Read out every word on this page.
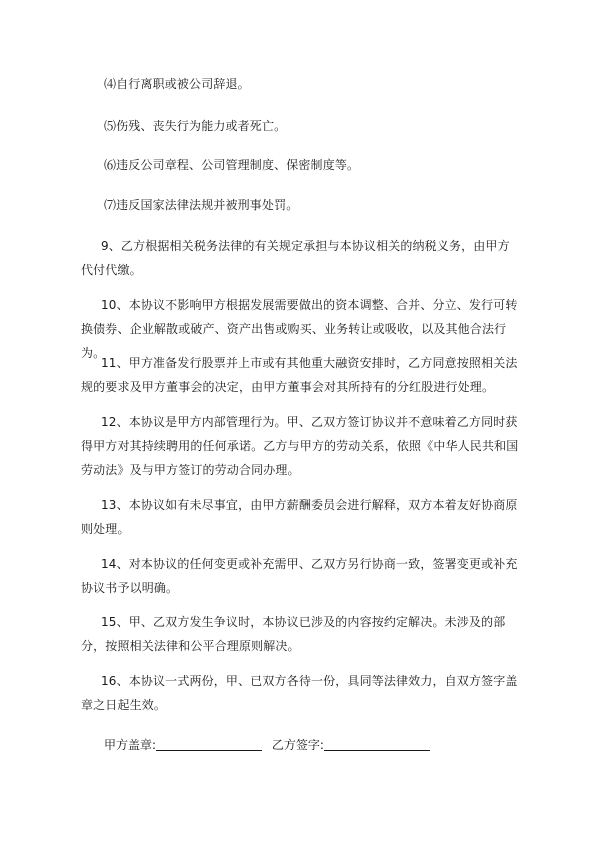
⑷自行离职或被公司辞退。

⑸伤残、丧失行为能力或者死亡。

⑹违反公司章程、公司管理制度、保密制度等。

⑺违反国家法律法规并被刑事处罚。

9、乙方根据相关税务法律的有关规定承担与本协议相关的纳税义务，由甲方代付代缴。

10、本协议不影响甲方根据发展需要做出的资本调整、合并、分立、发行可转换债券、企业解散或破产、资产出售或购买、业务转让或吸收，以及其他合法行为。

11、甲方准备发行股票并上市或有其他重大融资安排时，乙方同意按照相关法规的要求及甲方董事会的决定，由甲方董事会对其所持有的分红股进行处理。

12、本协议是甲方内部管理行为。甲、乙双方签订协议并不意味着乙方同时获得甲方对其持续聘用的任何承诺。乙方与甲方的劳动关系，依照《中华人民共和国劳动法》及与甲方签订的劳动合同办理。

13、本协议如有未尽事宜，由甲方薪酬委员会进行解释，双方本着友好协商原则处理。

14、对本协议的任何变更或补充需甲、乙双方另行协商一致，签署变更或补充协议书予以明确。

15、甲、乙双方发生争议时，本协议已涉及的内容按约定解决。未涉及的部分，按照相关法律和公平合理原则解决。

16、本协议一式两份，甲、已双方各待一份，具同等法律效力，自双方签字盖章之日起生效。

甲方盖章:	乙方签字:
